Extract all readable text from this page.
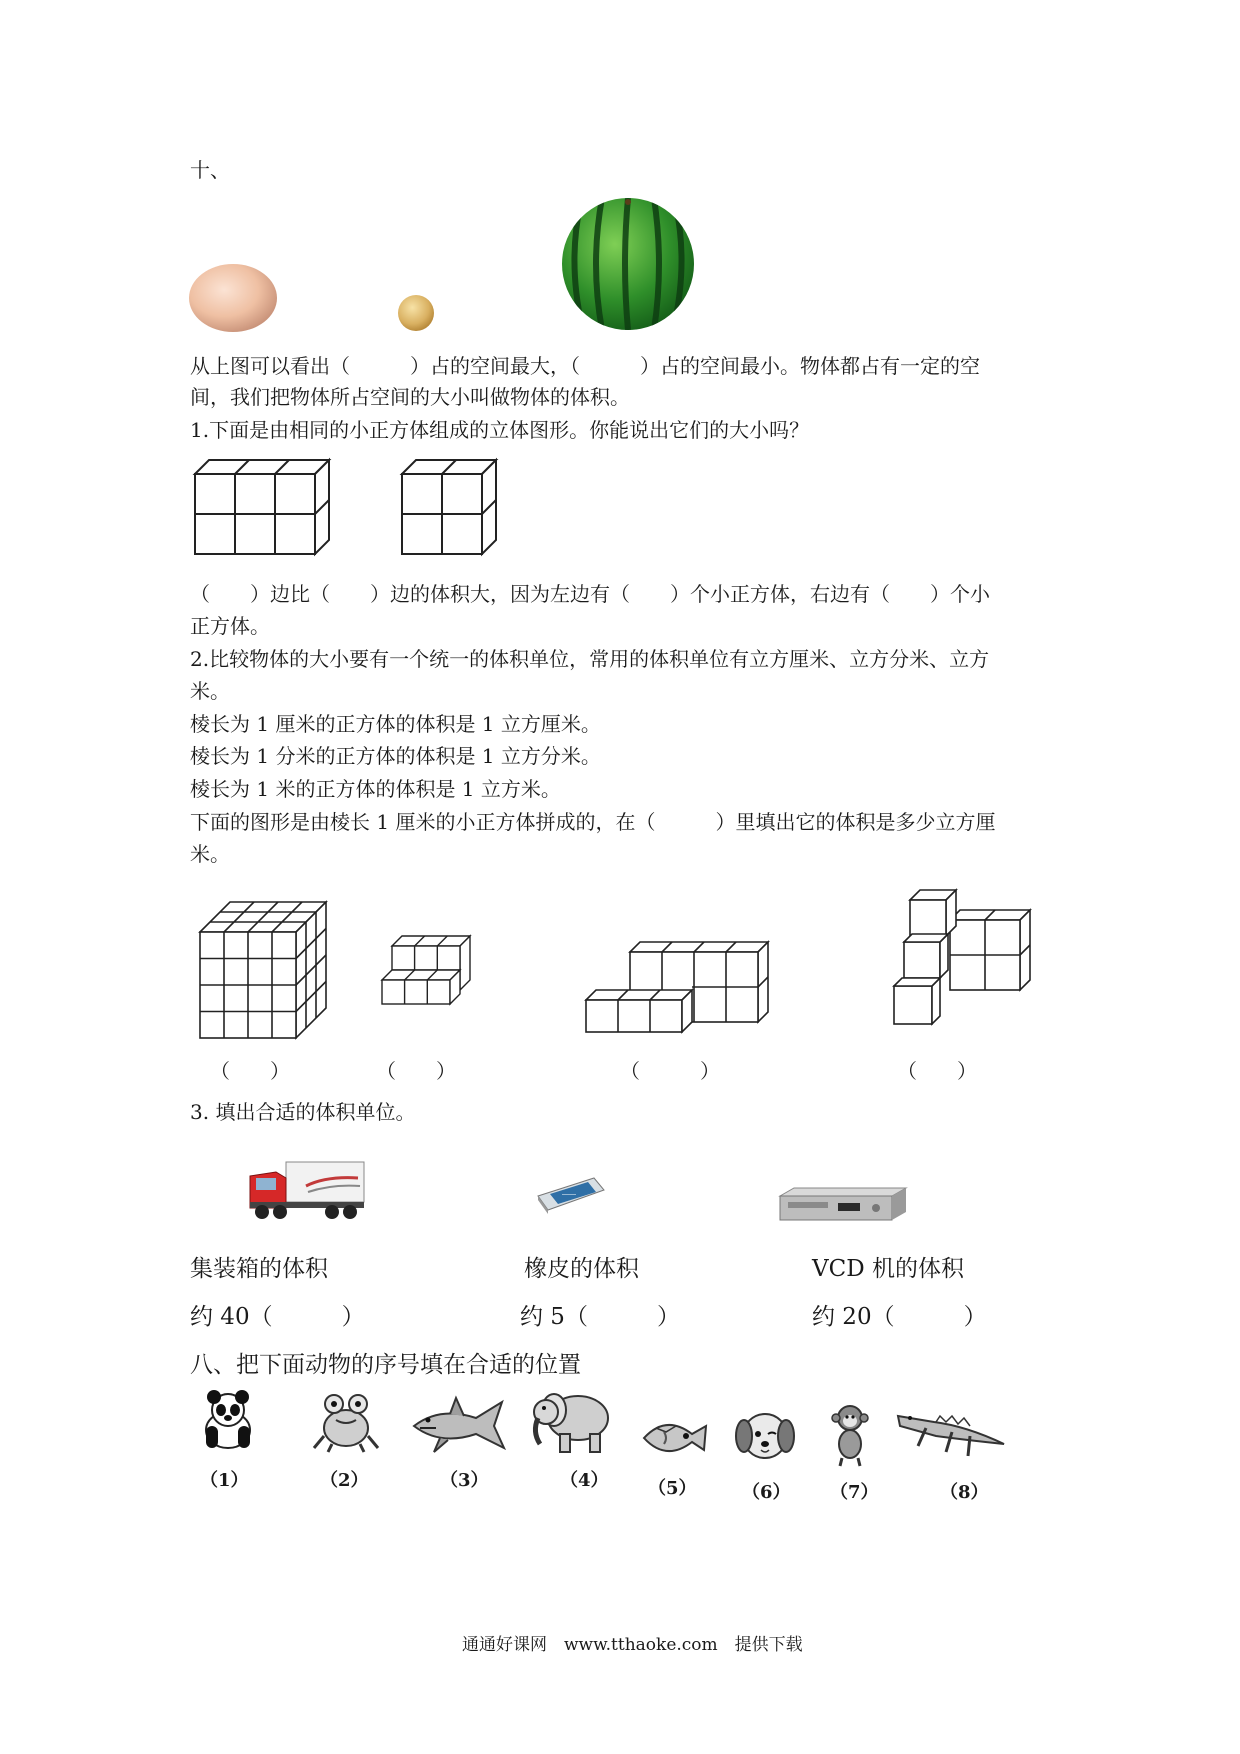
十、
从上图可以看出（　　　）占的空间最大，（　　　）占的空间最小。物体都占有一定的空
间，我们把物体所占空间的大小叫做物体的体积。
1.下面是由相同的小正方体组成的立体图形。你能说出它们的大小吗？
（　　）边比（　　）边的体积大，因为左边有（　　）个小正方体，右边有（　　）个小
正方体。
2.比较物体的大小要有一个统一的体积单位，常用的体积单位有立方厘米、立方分米、立方
米。
棱长为 1 厘米的正方体的体积是 1 立方厘米。
棱长为 1 分米的正方体的体积是 1 立方分米。
棱长为 1 米的正方体的体积是 1 立方米。
下面的图形是由棱长 1 厘米的小正方体拼成的，在（　　　）里填出它的体积是多少立方厘
米。
（　　）	（　　）	（　　　）	（　　）
3. 填出合适的体积单位。
——
集装箱的体积	橡皮的体积	VCD 机的体积
约 40（　　　）	约 5（　　　）	约 20（　　　）
八、把下面动物的序号填在合适的位置
（1）	（2）	（3）	（4） （5）	（6） （7）	（8）
通通好课网　www.tthaoke.com　提供下载
